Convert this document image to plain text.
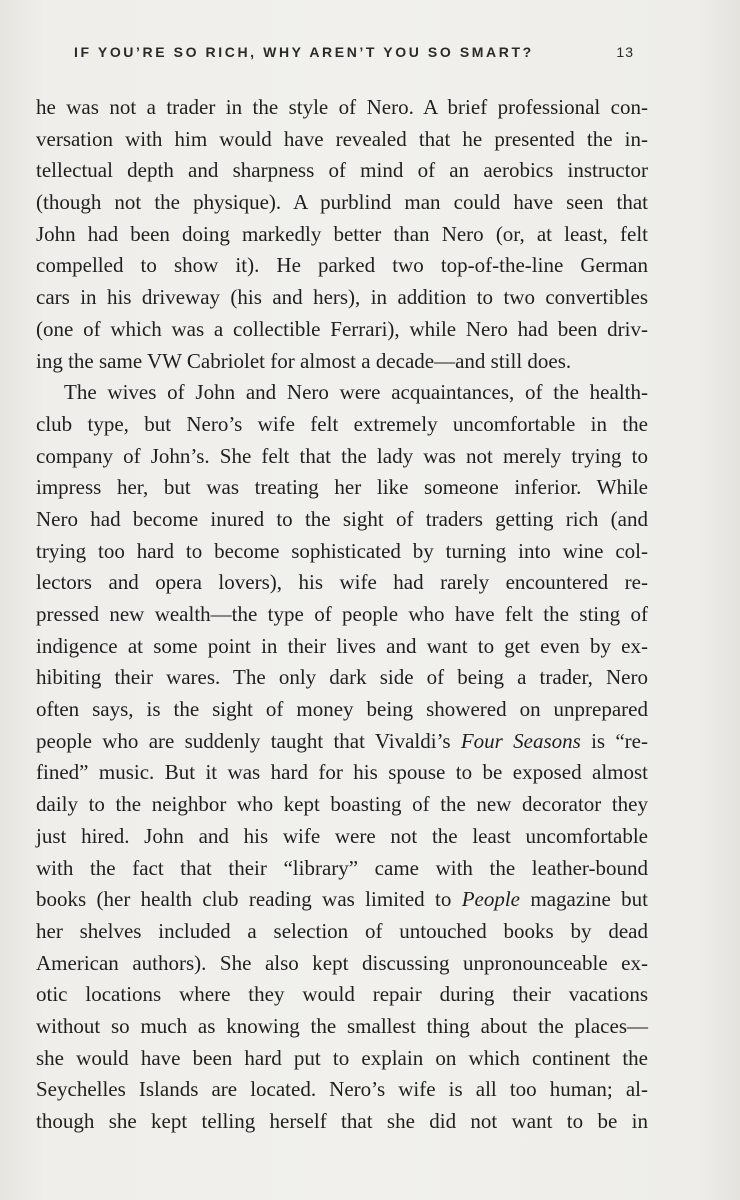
IF YOU’RE SO RICH, WHY AREN’T YOU SO SMART?	13
he was not a trader in the style of Nero. A brief professional con-
versation with him would have revealed that he presented the in-
tellectual depth and sharpness of mind of an aerobics instructor
(though not the physique). A purblind man could have seen that
John had been doing markedly better than Nero (or, at least, felt
compelled to show it). He parked two top-of-the-line German
cars in his driveway (his and hers), in addition to two convertibles
(one of which was a collectible Ferrari), while Nero had been driv-
ing the same VW Cabriolet for almost a decade—and still does.
The wives of John and Nero were acquaintances, of the health-
club type, but Nero’s wife felt extremely uncomfortable in the
company of John’s. She felt that the lady was not merely trying to
impress her, but was treating her like someone inferior. While
Nero had become inured to the sight of traders getting rich (and
trying too hard to become sophisticated by turning into wine col-
lectors and opera lovers), his wife had rarely encountered re-
pressed new wealth—the type of people who have felt the sting of
indigence at some point in their lives and want to get even by ex-
hibiting their wares. The only dark side of being a trader, Nero
often says, is the sight of money being showered on unprepared
people who are suddenly taught that Vivaldi’s Four Seasons is “re-
fined” music. But it was hard for his spouse to be exposed almost
daily to the neighbor who kept boasting of the new decorator they
just hired. John and his wife were not the least uncomfortable
with the fact that their “library” came with the leather-bound
books (her health club reading was limited to People magazine but
her shelves included a selection of untouched books by dead
American authors). She also kept discussing unpronounceable ex-
otic locations where they would repair during their vacations
without so much as knowing the smallest thing about the places—
she would have been hard put to explain on which continent the
Seychelles Islands are located. Nero’s wife is all too human; al-
though she kept telling herself that she did not want to be in
